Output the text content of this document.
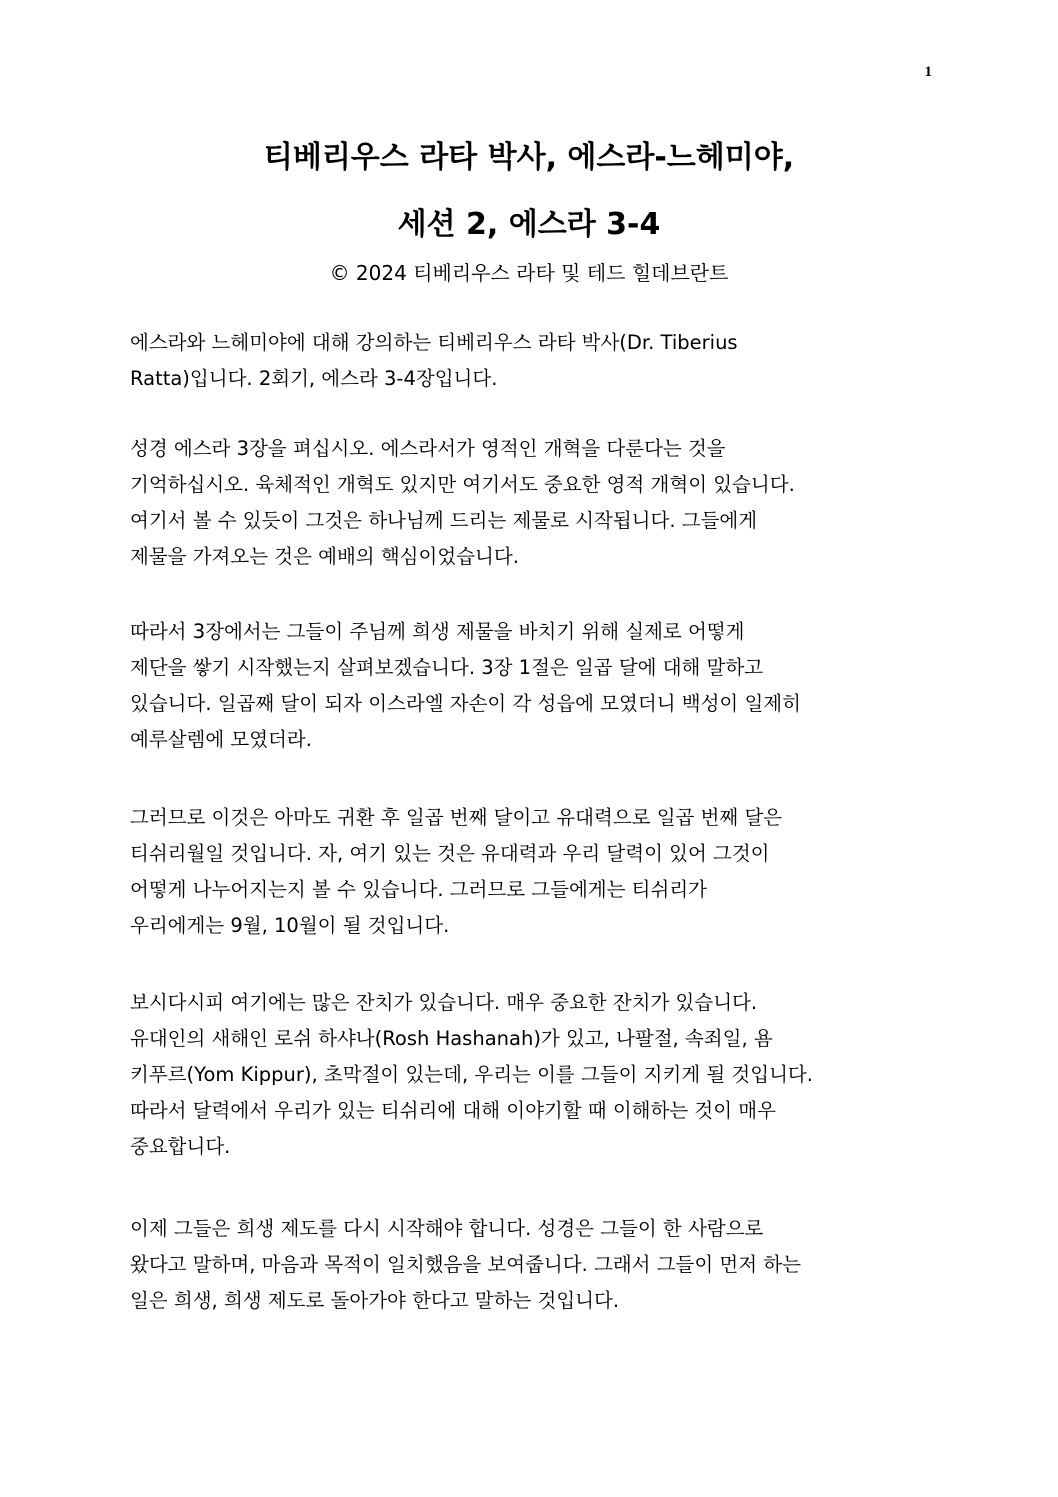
1
티베리우스 라타 박사, 에스라-느헤미야,
세션 2, 에스라 3-4
© 2024 티베리우스 라타 및 테드 힐데브란트
에스라와 느헤미야에 대해 강의하는 티베리우스 라타 박사(Dr. Tiberius
Ratta)입니다. 2회기, 에스라 3-4장입니다.
성경 에스라 3장을 펴십시오. 에스라서가 영적인 개혁을 다룬다는 것을
기억하십시오. 육체적인 개혁도 있지만 여기서도 중요한 영적 개혁이 있습니다.
여기서 볼 수 있듯이 그것은 하나님께 드리는 제물로 시작됩니다. 그들에게
제물을 가져오는 것은 예배의 핵심이었습니다.
따라서 3장에서는 그들이 주님께 희생 제물을 바치기 위해 실제로 어떻게
제단을 쌓기 시작했는지 살펴보겠습니다. 3장 1절은 일곱 달에 대해 말하고
있습니다. 일곱째 달이 되자 이스라엘 자손이 각 성읍에 모였더니 백성이 일제히
예루살렘에 모였더라.
그러므로 이것은 아마도 귀환 후 일곱 번째 달이고 유대력으로 일곱 번째 달은
티쉬리월일 것입니다. 자, 여기 있는 것은 유대력과 우리 달력이 있어 그것이
어떻게 나누어지는지 볼 수 있습니다. 그러므로 그들에게는 티쉬리가
우리에게는 9월, 10월이 될 것입니다.
보시다시피 여기에는 많은 잔치가 있습니다. 매우 중요한 잔치가 있습니다.
유대인의 새해인 로쉬 하샤나(Rosh Hashanah)가 있고, 나팔절, 속죄일, 욤
키푸르(Yom Kippur), 초막절이 있는데, 우리는 이를 그들이 지키게 될 것입니다.
따라서 달력에서 우리가 있는 티쉬리에 대해 이야기할 때 이해하는 것이 매우
중요합니다.
이제 그들은 희생 제도를 다시 시작해야 합니다. 성경은 그들이 한 사람으로
왔다고 말하며, 마음과 목적이 일치했음을 보여줍니다. 그래서 그들이 먼저 하는
일은 희생, 희생 제도로 돌아가야 한다고 말하는 것입니다.
